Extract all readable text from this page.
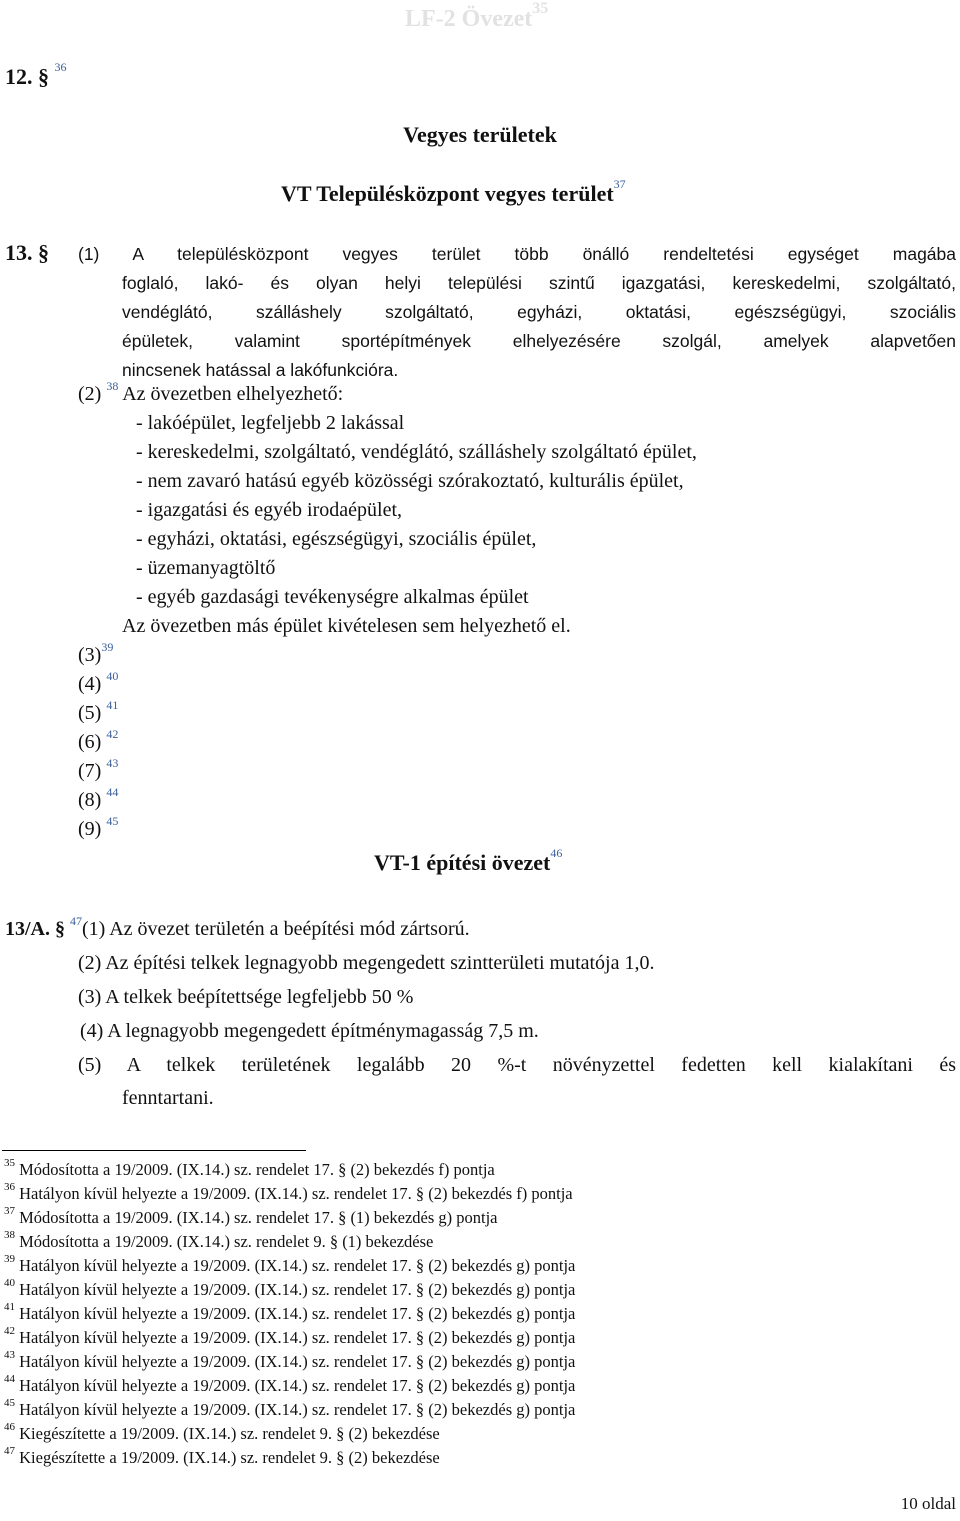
LF-2 Övezet$^{35}$
12. § $^{36}$
Vegyes területek
VT Településközpont vegyes terület$^{37}$
13. § (1) A településközpont vegyes terület több önálló rendeltetési egységet magába
foglaló, lakó- és olyan helyi települési szintű igazgatási, kereskedelmi, szolgáltató,
vendéglátó, szálláshely szolgáltató, egyházi, oktatási, egészségügyi, szociális
épületek, valamint sportépítmények elhelyezésére szolgál, amelyek alapvetően
nincsenek hatással a lakófunkcióra.
(2) $^{38}$ Az övezetben elhelyezhető:
- lakóépület, legfeljebb 2 lakással
- kereskedelmi, szolgáltató, vendéglátó, szálláshely szolgáltató épület,
- nem zavaró hatású egyéb közösségi szórakoztató, kulturális épület,
- igazgatási és egyéb irodaépület,
- egyházi, oktatási, egészségügyi, szociális épület,
- üzemanyagtöltő
- egyéb gazdasági tevékenységre alkalmas épület
Az övezetben más épület kivételesen sem helyezhető el.
(3)$^{39}$
(4) $^{40}$
(5) $^{41}$
(6) $^{42}$
(7) $^{43}$
(8) $^{44}$
(9) $^{45}$
VT-1 építési övezet$^{46}$
13/A. § $^{47}$(1) Az övezet területén a beépítési mód zártsorú.
(2) Az építési telkek legnagyobb megengedett szintterületi mutatója 1,0.
(3) A telkek beépítettsége legfeljebb 50 %
(4) A legnagyobb megengedett építménymagasság 7,5 m.
(5) A telkek területének legalább 20 %-t növényzettel fedetten kell kialakítani és
fenntartani.
$^{35}$ Módosította a 19/2009. (IX.14.) sz. rendelet 17. § (2) bekezdés f) pontja
$^{36}$ Hatályon kívül helyezte a 19/2009. (IX.14.) sz. rendelet 17. § (2) bekezdés f) pontja
$^{37}$ Módosította a 19/2009. (IX.14.) sz. rendelet 17. § (1) bekezdés g) pontja
$^{38}$ Módosította a 19/2009. (IX.14.) sz. rendelet 9. § (1) bekezdése
$^{39}$ Hatályon kívül helyezte a 19/2009. (IX.14.) sz. rendelet 17. § (2) bekezdés g) pontja
$^{40}$ Hatályon kívül helyezte a 19/2009. (IX.14.) sz. rendelet 17. § (2) bekezdés g) pontja
$^{41}$ Hatályon kívül helyezte a 19/2009. (IX.14.) sz. rendelet 17. § (2) bekezdés g) pontja
$^{42}$ Hatályon kívül helyezte a 19/2009. (IX.14.) sz. rendelet 17. § (2) bekezdés g) pontja
$^{43}$ Hatályon kívül helyezte a 19/2009. (IX.14.) sz. rendelet 17. § (2) bekezdés g) pontja
$^{44}$ Hatályon kívül helyezte a 19/2009. (IX.14.) sz. rendelet 17. § (2) bekezdés g) pontja
$^{45}$ Hatályon kívül helyezte a 19/2009. (IX.14.) sz. rendelet 17. § (2) bekezdés g) pontja
$^{46}$ Kiegészítette a 19/2009. (IX.14.) sz. rendelet 9. § (2) bekezdése
$^{47}$ Kiegészítette a 19/2009. (IX.14.) sz. rendelet 9. § (2) bekezdése
10 oldal
